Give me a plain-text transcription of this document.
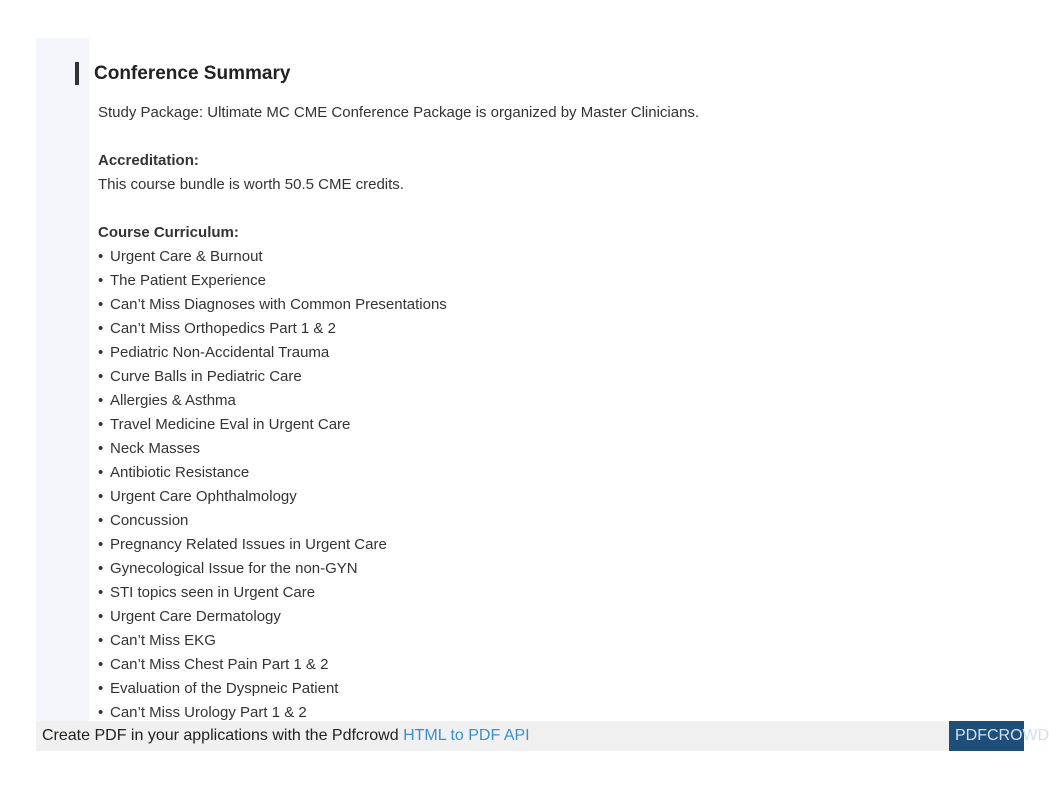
Conference Summary
Study Package: Ultimate MC CME Conference Package is organized by Master Clinicians.
Accreditation:
This course bundle is worth 50.5 CME credits.
Course Curriculum:
• Urgent Care & Burnout
• The Patient Experience
• Can’t Miss Diagnoses with Common Presentations
• Can’t Miss Orthopedics Part 1 & 2
• Pediatric Non-Accidental Trauma
• Curve Balls in Pediatric Care
• Allergies & Asthma
• Travel Medicine Eval in Urgent Care
• Neck Masses
• Antibiotic Resistance
• Urgent Care Ophthalmology
• Concussion
• Pregnancy Related Issues in Urgent Care
• Gynecological Issue for the non-GYN
• STI topics seen in Urgent Care
• Urgent Care Dermatology
• Can’t Miss EKG
• Can’t Miss Chest Pain Part 1 & 2
• Evaluation of the Dyspneic Patient
• Can’t Miss Urology Part 1 & 2
Create PDF in your applications with the Pdfcrowd HTML to PDF API	PDFCROWD
